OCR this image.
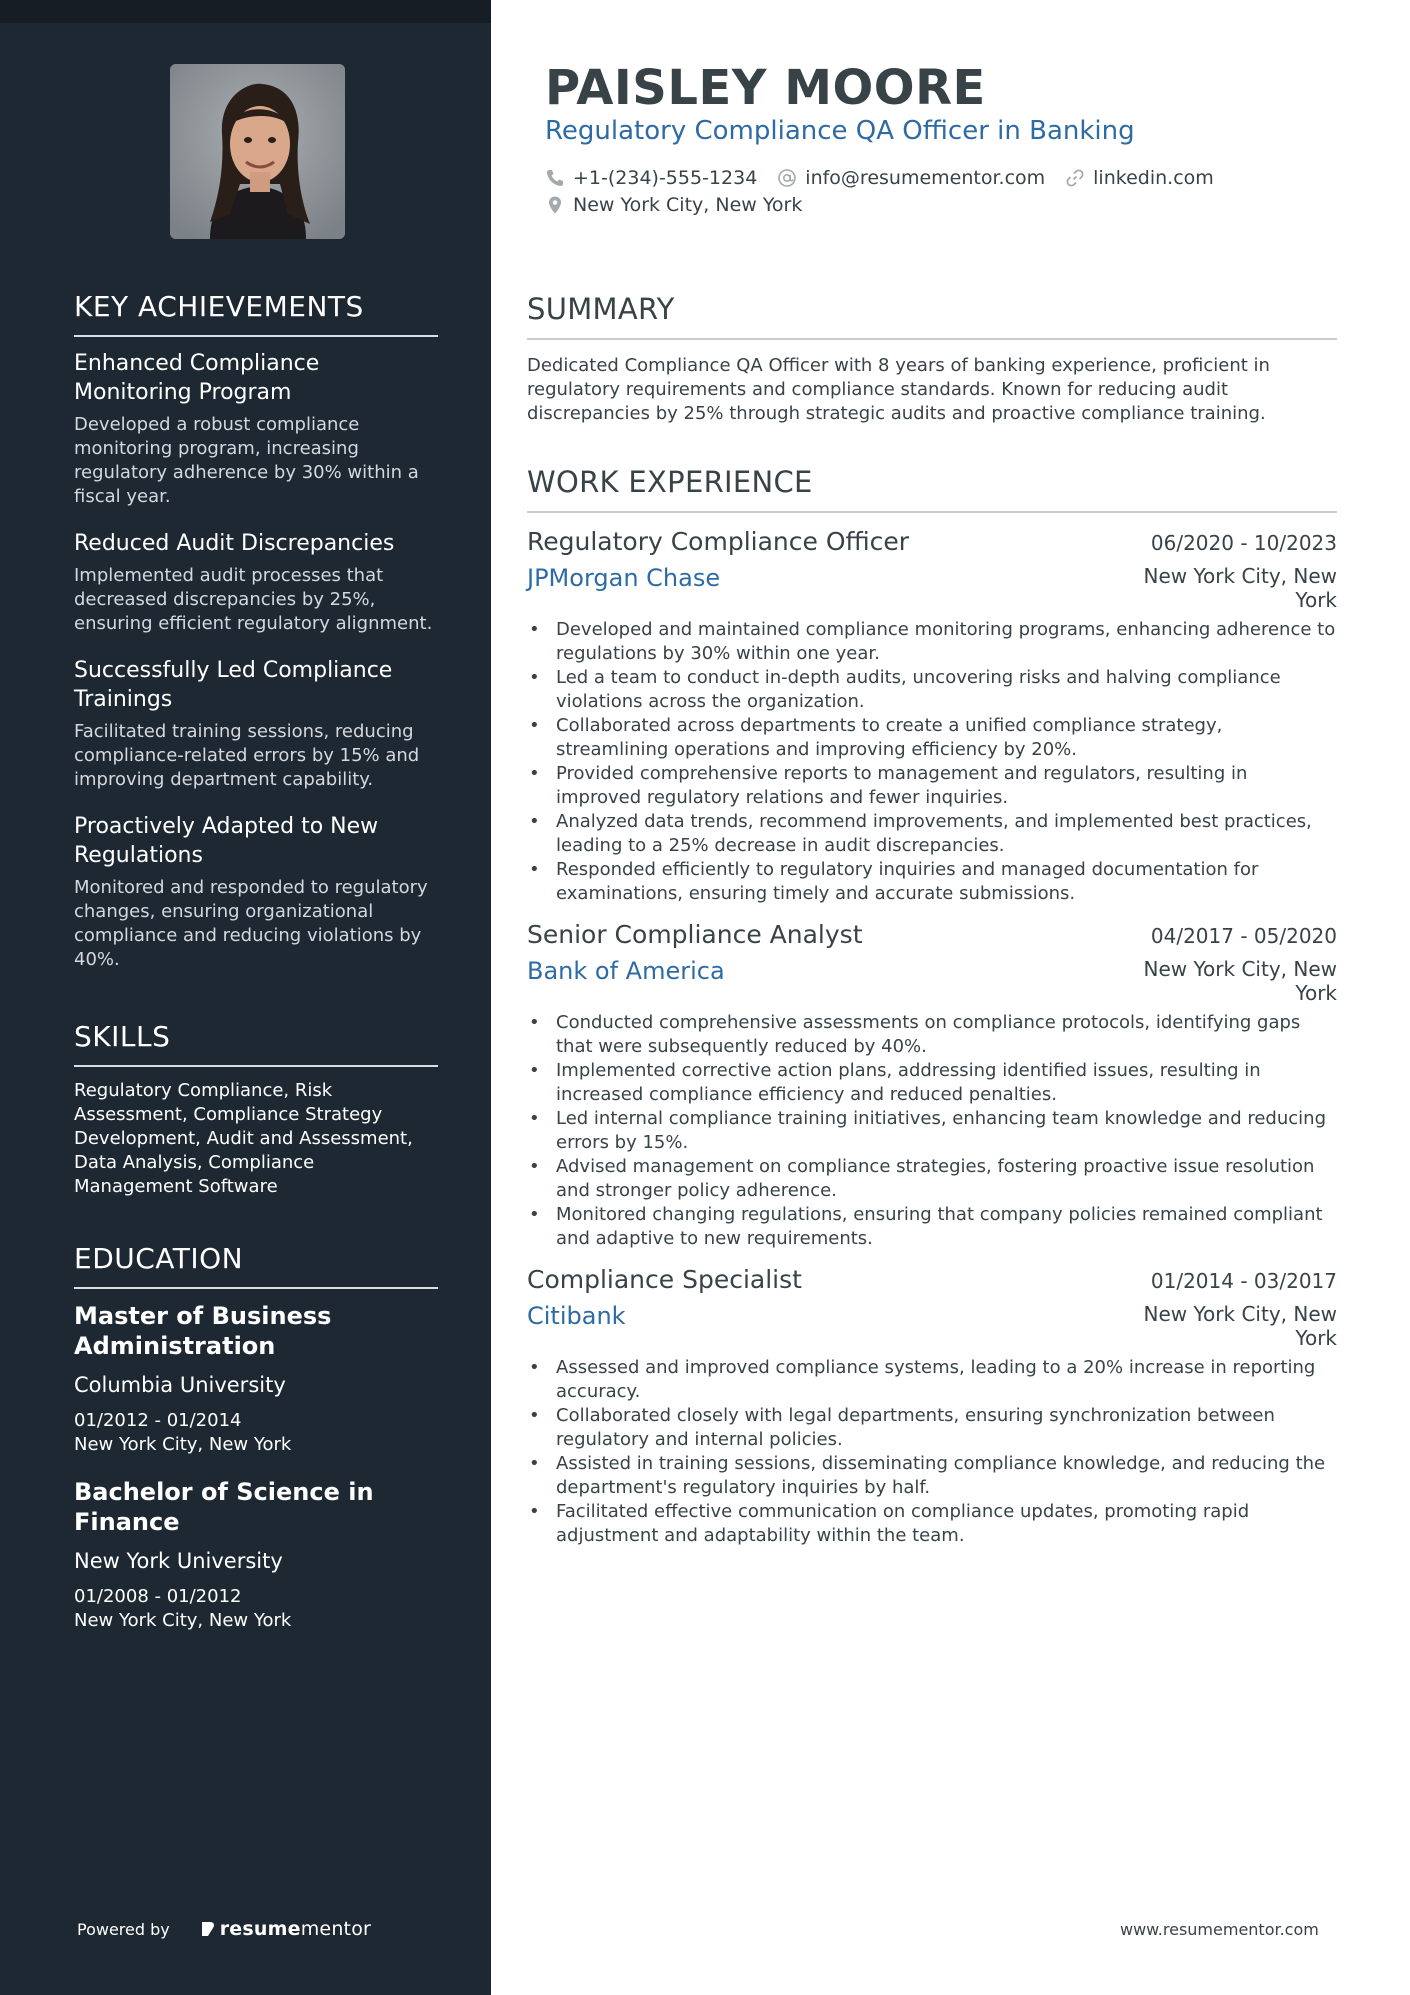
KEY ACHIEVEMENTS
Enhanced Compliance Monitoring Program
Developed a robust compliance monitoring program, increasing regulatory adherence by 30% within a fiscal year.
Reduced Audit Discrepancies
Implemented audit processes that decreased discrepancies by 25%, ensuring efficient regulatory alignment.
Successfully Led Compliance Trainings
Facilitated training sessions, reducing compliance-related errors by 15% and improving department capability.
Proactively Adapted to New Regulations
Monitored and responded to regulatory changes, ensuring organizational compliance and reducing violations by 40%.
SKILLS
Regulatory Compliance, Risk Assessment, Compliance Strategy Development, Audit and Assessment, Data Analysis, Compliance Management Software
EDUCATION
Master of Business Administration
Columbia University
01/2012 - 01/2014
New York City, New York
Bachelor of Science in Finance
New York University
01/2008 - 01/2012
New York City, New York
Powered by	resume mentor
PAISLEY MOORE
Regulatory Compliance QA Officer in Banking
+1-(234)-555-1234	info@resumementor.com	linkedin.com
New York City, New York
SUMMARY
Dedicated Compliance QA Officer with 8 years of banking experience, proficient in regulatory requirements and compliance standards. Known for reducing audit discrepancies by 25% through strategic audits and proactive compliance training.
WORK EXPERIENCE
Regulatory Compliance Officer	06/2020 - 10/2023
JPMorgan Chase	New York City, New York
• Developed and maintained compliance monitoring programs, enhancing adherence to regulations by 30% within one year.
• Led a team to conduct in-depth audits, uncovering risks and halving compliance violations across the organization.
• Collaborated across departments to create a unified compliance strategy, streamlining operations and improving efficiency by 20%.
• Provided comprehensive reports to management and regulators, resulting in improved regulatory relations and fewer inquiries.
• Analyzed data trends, recommend improvements, and implemented best practices, leading to a 25% decrease in audit discrepancies.
• Responded efficiently to regulatory inquiries and managed documentation for examinations, ensuring timely and accurate submissions.
Senior Compliance Analyst	04/2017 - 05/2020
Bank of America	New York City, New York
• Conducted comprehensive assessments on compliance protocols, identifying gaps that were subsequently reduced by 40%.
• Implemented corrective action plans, addressing identified issues, resulting in increased compliance efficiency and reduced penalties.
• Led internal compliance training initiatives, enhancing team knowledge and reducing errors by 15%.
• Advised management on compliance strategies, fostering proactive issue resolution and stronger policy adherence.
• Monitored changing regulations, ensuring that company policies remained compliant and adaptive to new requirements.
Compliance Specialist	01/2014 - 03/2017
Citibank	New York City, New York
• Assessed and improved compliance systems, leading to a 20% increase in reporting accuracy.
• Collaborated closely with legal departments, ensuring synchronization between regulatory and internal policies.
• Assisted in training sessions, disseminating compliance knowledge, and reducing the department's regulatory inquiries by half.
• Facilitated effective communication on compliance updates, promoting rapid adjustment and adaptability within the team.
www.resumementor.com
